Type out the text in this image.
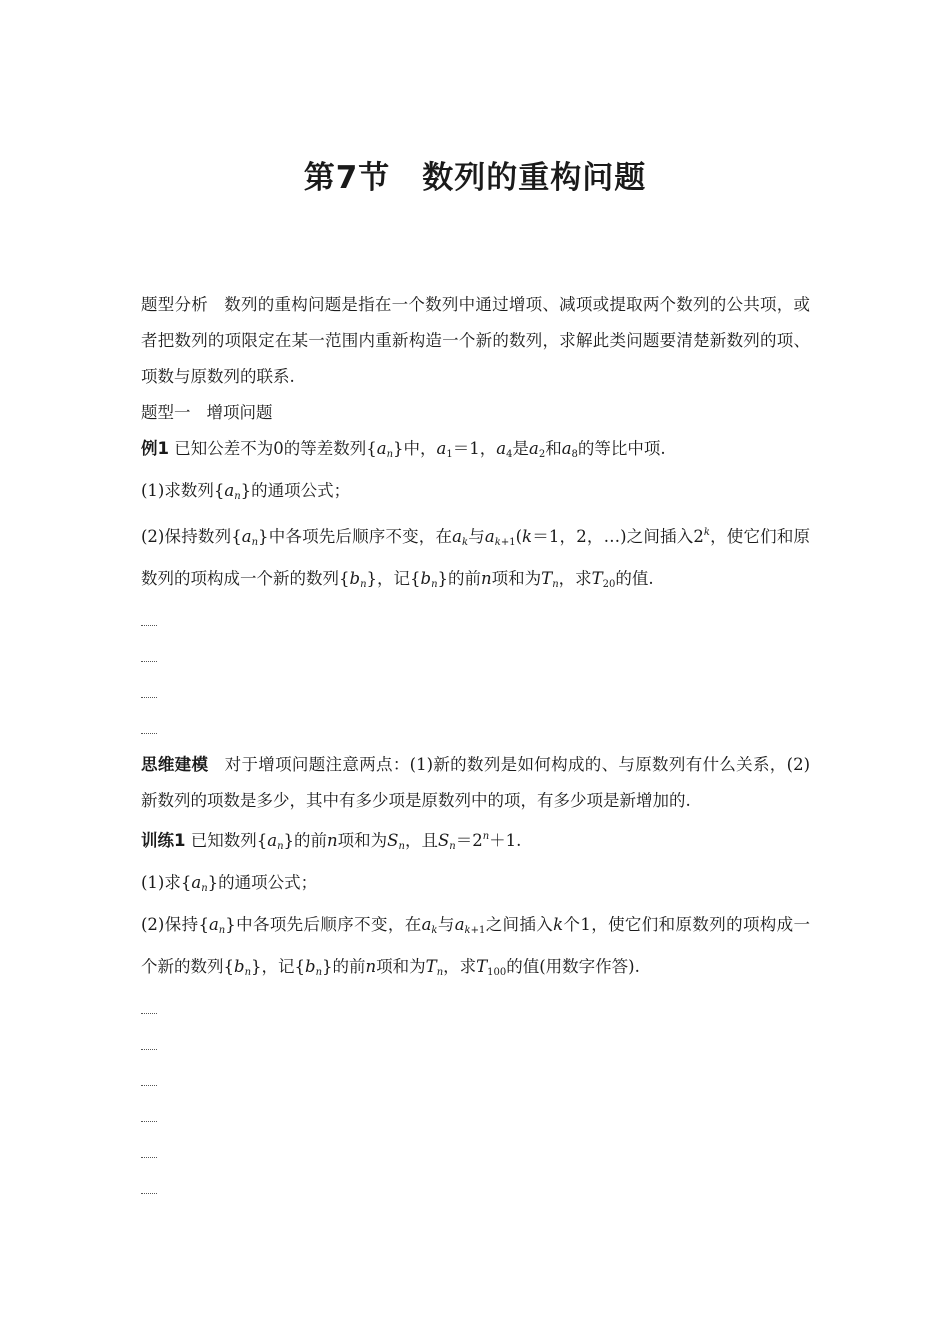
第7节　数列的重构问题

题型分析 数列的重构问题是指在一个数列中通过增项、减项或提取两个数列的公共项，或者把数列的项限定在某一范围内重新构造一个新的数列，求解此类问题要清楚新数列的项、项数与原数列的联系.

题型一 增项问题

例1 已知公差不为0的等差数列$\{a_n\}$中，$a_1=1$，$a_4$是$a_2$和$a_8$的等比中项.

(1)求数列$\{a_n\}$的通项公式；

(2)保持数列$\{a_n\}$中各项先后顺序不变，在$a_k$与$a_{k+1}(k=1$，2，…)之间插入2$^k$，使它们和原数列的项构成一个新的数列$\{b_n\}$，记$\{b_n\}$的前n项和为$T_n$，求$T_{20}$的值.

思维建模 对于增项问题注意两点：(1)新的数列是如何构成的、与原数列有什么关系，(2)新数列的项数是多少，其中有多少项是原数列中的项，有多少项是新增加的.

训练1 已知数列$\{a_n\}$的前n项和为$S_n$，且$S_n=2^n+1$.

(1)求$\{a_n\}$的通项公式；

(2)保持$\{a_n\}$中各项先后顺序不变，在$a_k$与$a_{k+1}$之间插入k个1，使它们和原数列的项构成一个新的数列$\{b_n\}$，记$\{b_n\}$的前n项和为$T_n$，求$T_{100}$的值(用数字作答).
